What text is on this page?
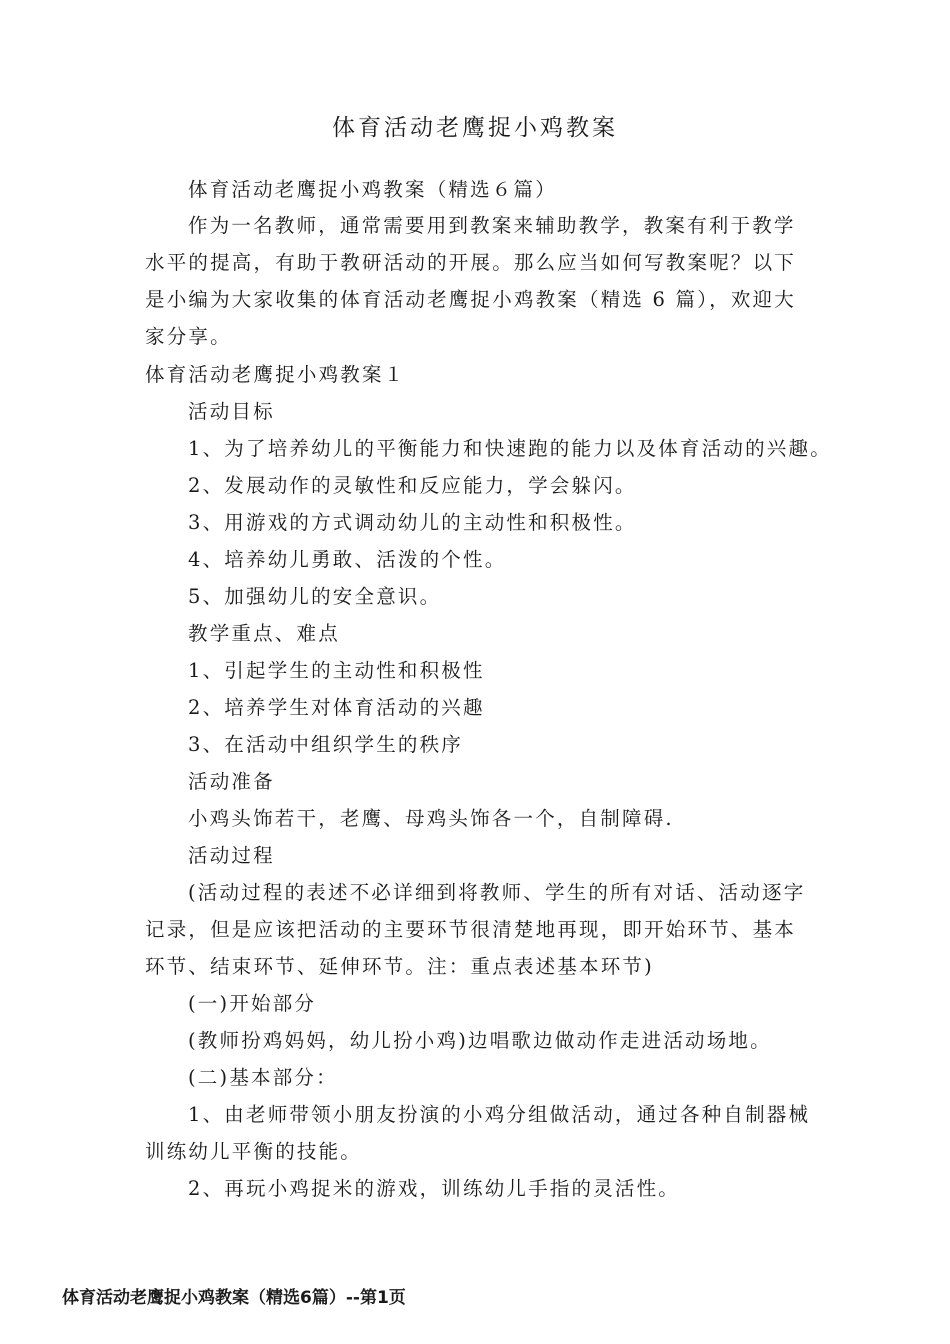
体育活动老鹰捉小鸡教案
体育活动老鹰捉小鸡教案（精选６篇）
作为一名教师，通常需要用到教案来辅助教学，教案有利于教学
水平的提高，有助于教研活动的开展。那么应当如何写教案呢？以下
是小编为大家收集的体育活动老鹰捉小鸡教案（精选 6 篇），欢迎大
家分享。
体育活动老鹰捉小鸡教案１
活动目标
1、为了培养幼儿的平衡能力和快速跑的能力以及体育活动的兴趣。
2、发展动作的灵敏性和反应能力，学会躲闪。
3、用游戏的方式调动幼儿的主动性和积极性。
4、培养幼儿勇敢、活泼的个性。
5、加强幼儿的安全意识。
教学重点、难点
1、引起学生的主动性和积极性
2、培养学生对体育活动的兴趣
3、在活动中组织学生的秩序
活动准备
小鸡头饰若干，老鹰、母鸡头饰各一个，自制障碍.
活动过程
(活动过程的表述不必详细到将教师、学生的所有对话、活动逐字
记录，但是应该把活动的主要环节很清楚地再现，即开始环节、基本
环节、结束环节、延伸环节。注：重点表述基本环节)
(一)开始部分
(教师扮鸡妈妈，幼儿扮小鸡)边唱歌边做动作走进活动场地。
(二)基本部分：
1、由老师带领小朋友扮演的小鸡分组做活动，通过各种自制器械
训练幼儿平衡的技能。
2、再玩小鸡捉米的游戏，训练幼儿手指的灵活性。
体育活动老鹰捉小鸡教案（精选6篇）--第1页
